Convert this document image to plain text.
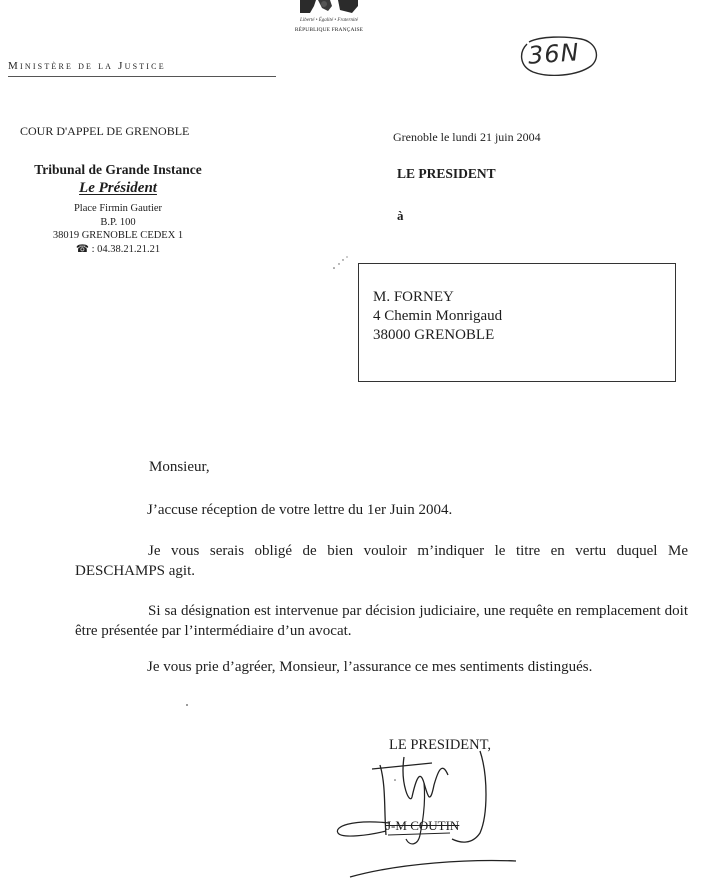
Liberté • Égalité • Fraternité
RÉPUBLIQUE FRANÇAISE
Ministère de la Justice	36N
COUR D'APPEL DE GRENOBLE
Tribunal de Grande Instance
Le Président
Place Firmin Gautier
B.P. 100
38019 GRENOBLE CEDEX 1
☎ : 04.38.21.21.21
Grenoble le lundi 21 juin 2004
LE PRESIDENT
à
M. FORNEY
4 Chemin Monrigaud
38000 GRENOBLE
Monsieur,
J’accuse réception de votre lettre du 1er Juin 2004.
Je vous serais obligé de bien vouloir m’indiquer le titre en vertu duquel Me DESCHAMPS agit.
Si sa désignation est intervenue par décision judiciaire, une requête en remplacement doit être présentée par l’intermédiaire d’un avocat.
Je vous prie d’agréer, Monsieur, l’assurance ce mes sentiments distingués.
LE PRESIDENT,
J-M COUTIN
